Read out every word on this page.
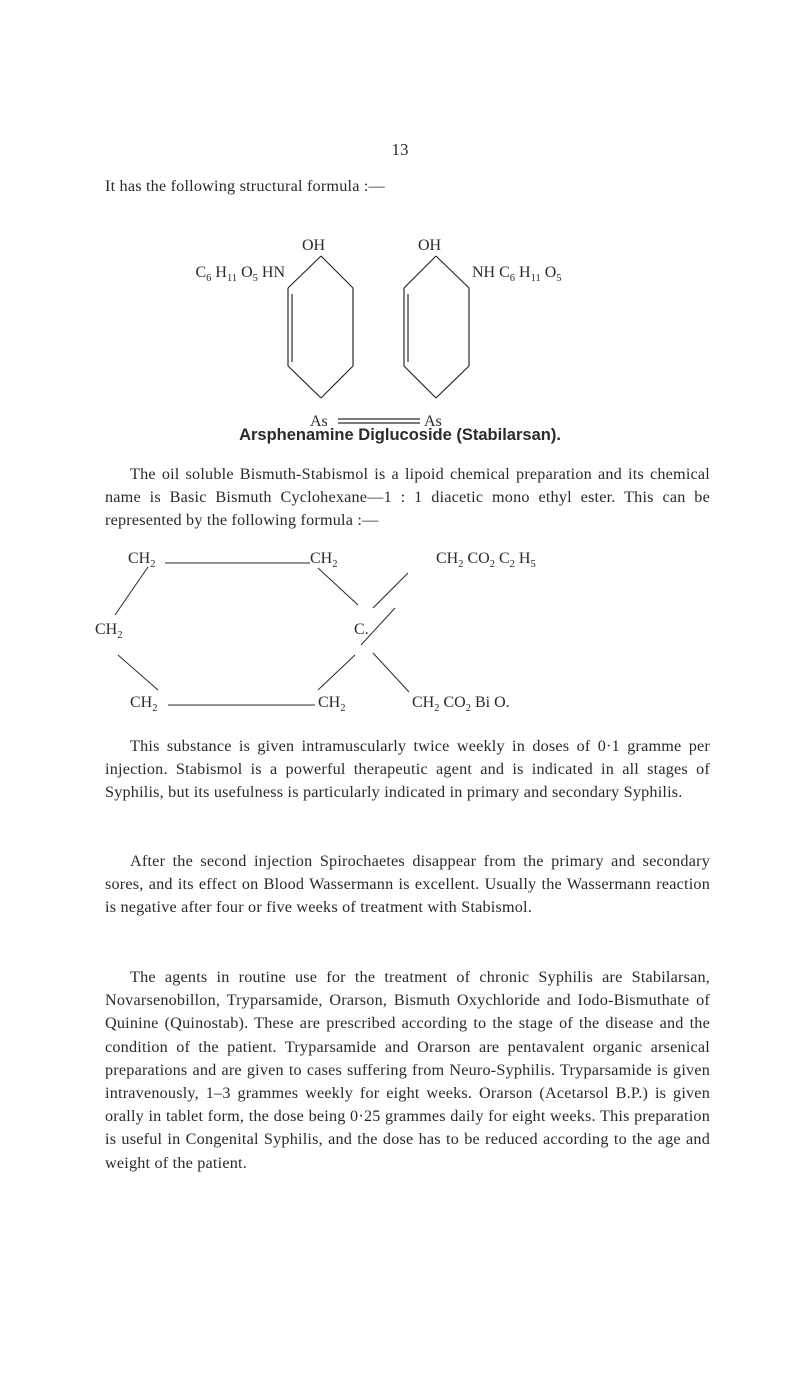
13

It has the following structural formula :—

OH	OH
$C_6$ $H_{11}$ $O_5$ HN	NH $C_6$ $H_{11}$ $O_5$
As	As
Arsphenamine Diglucoside (Stabilarsan).

The oil soluble Bismuth-Stabismol is a lipoid chemical preparation and its chemical name is Basic Bismuth Cyclohexane—1 : 1 diacetic mono ethyl ester. This can be represented by the following formula :—

$CH_2$	$CH_2$
$CH_2$	C.
$CH_2$	$CH_2$
$CH_2$ $CO_2$ $C_2$ $H_5$
$CH_2$ $CO_2$ Bi O.

This substance is given intramuscularly twice weekly in doses of 0·1 gramme per injection. Stabismol is a powerful therapeutic agent and is indicated in all stages of Syphilis, but its usefulness is particularly indicated in primary and secondary Syphilis.

After the second injection Spirochaetes disappear from the primary and secondary sores, and its effect on Blood Wassermann is excellent. Usually the Wassermann reaction is negative after four or five weeks of treatment with Stabismol.

The agents in routine use for the treatment of chronic Syphilis are Stabilarsan, Novarsenobillon, Tryparsamide, Orarson, Bismuth Oxychloride and Iodo-Bismuthate of Quinine (Quinostab). These are prescribed according to the stage of the disease and the condition of the patient. Tryparsamide and Orarson are pentavalent organic arsenical preparations and are given to cases suffering from Neuro-Syphilis. Tryparsamide is given intravenously, 1–3 grammes weekly for eight weeks. Orarson (Acetarsol B.P.) is given orally in tablet form, the dose being 0·25 grammes daily for eight weeks. This preparation is useful in Congenital Syphilis, and the dose has to be reduced according to the age and weight of the patient.
